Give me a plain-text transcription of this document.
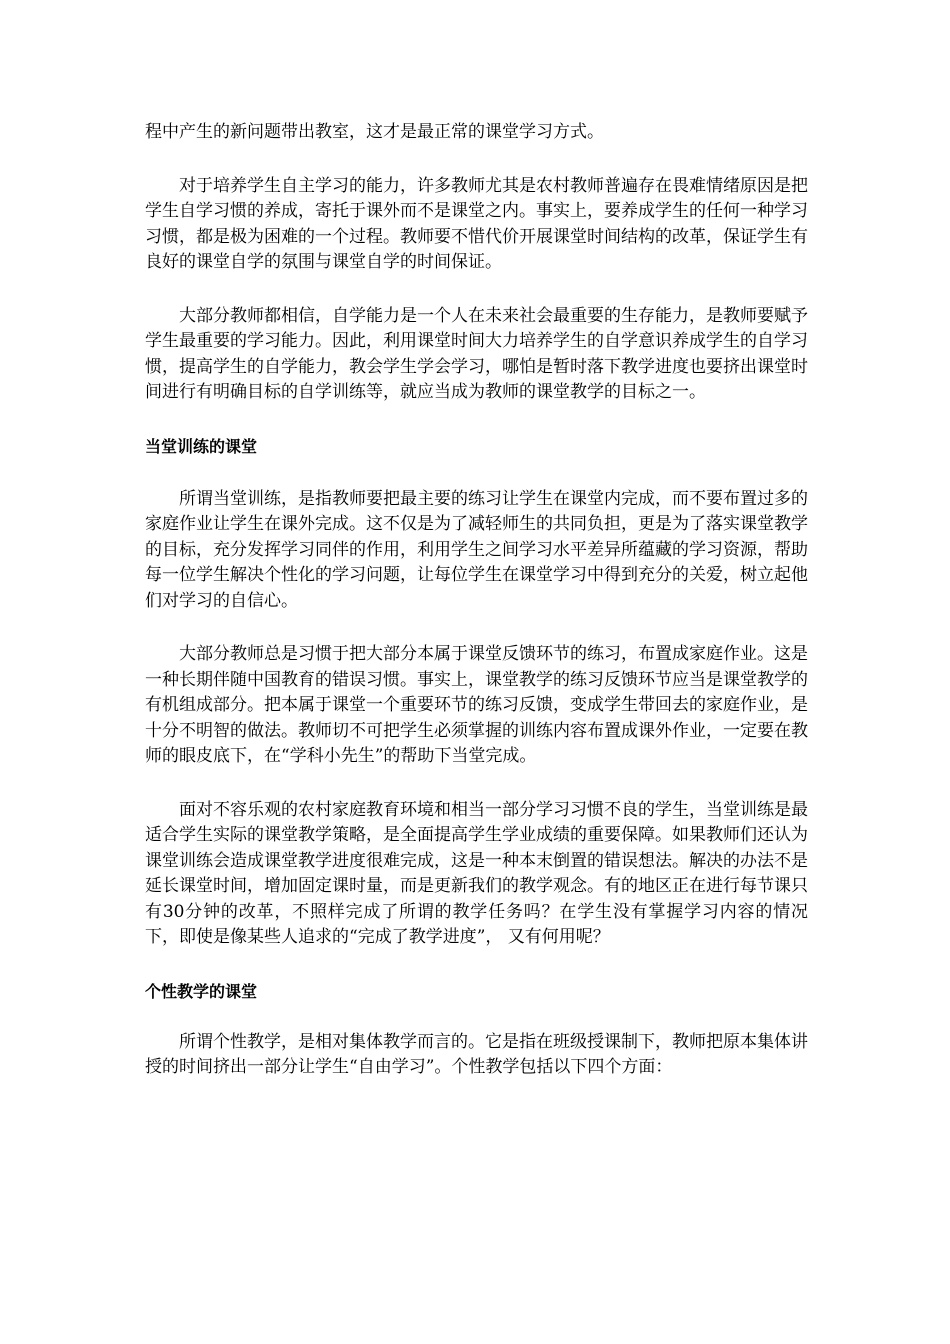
程中产生的新问题带出教室，这才是最正常的课堂学习方式。

对于培养学生自主学习的能力，许多教师尤其是农村教师普遍存在畏难情绪原因是把学生自学习惯的养成，寄托于课外而不是课堂之内。事实上，要养成学生的任何一种学习习惯，都是极为困难的一个过程。教师要不惜代价开展课堂时间结构的改革，保证学生有良好的课堂自学的氛围与课堂自学的时间保证。

大部分教师都相信，自学能力是一个人在未来社会最重要的生存能力，是教师要赋予学生最重要的学习能力。因此，利用课堂时间大力培养学生的自学意识养成学生的自学习惯，提高学生的自学能力，教会学生学会学习，哪怕是暂时落下教学进度也要挤出课堂时间进行有明确目标的自学训练等，就应当成为教师的课堂教学的目标之一。

当堂训练的课堂

所谓当堂训练，是指教师要把最主要的练习让学生在课堂内完成，而不要布置过多的家庭作业让学生在课外完成。这不仅是为了减轻师生的共同负担，更是为了落实课堂教学的目标，充分发挥学习同伴的作用，利用学生之间学习水平差异所蕴藏的学习资源，帮助每一位学生解决个性化的学习问题，让每位学生在课堂学习中得到充分的关爱，树立起他们对学习的自信心。

大部分教师总是习惯于把大部分本属于课堂反馈环节的练习，布置成家庭作业。这是一种长期伴随中国教育的错误习惯。事实上，课堂教学的练习反馈环节应当是课堂教学的有机组成部分。把本属于课堂一个重要环节的练习反馈，变成学生带回去的家庭作业，是十分不明智的做法。教师切不可把学生必须掌握的训练内容布置成课外作业，一定要在教师的眼皮底下，在“学科小先生”的帮助下当堂完成。

面对不容乐观的农村家庭教育环境和相当一部分学习习惯不良的学生，当堂训练是最适合学生实际的课堂教学策略，是全面提高学生学业成绩的重要保障。如果教师们还认为课堂训练会造成课堂教学进度很难完成，这是一种本末倒置的错误想法。解决的办法不是延长课堂时间，增加固定课时量，而是更新我们的教学观念。有的地区正在进行每节课只有30分钟的改革，不照样完成了所谓的教学任务吗？在学生没有掌握学习内容的情况下，即使是像某些人追求的“完成了教学进度”， 又有何用呢？

个性教学的课堂

所谓个性教学，是相对集体教学而言的。它是指在班级授课制下，教师把原本集体讲授的时间挤出一部分让学生“自由学习”。个性教学包括以下四个方面：
